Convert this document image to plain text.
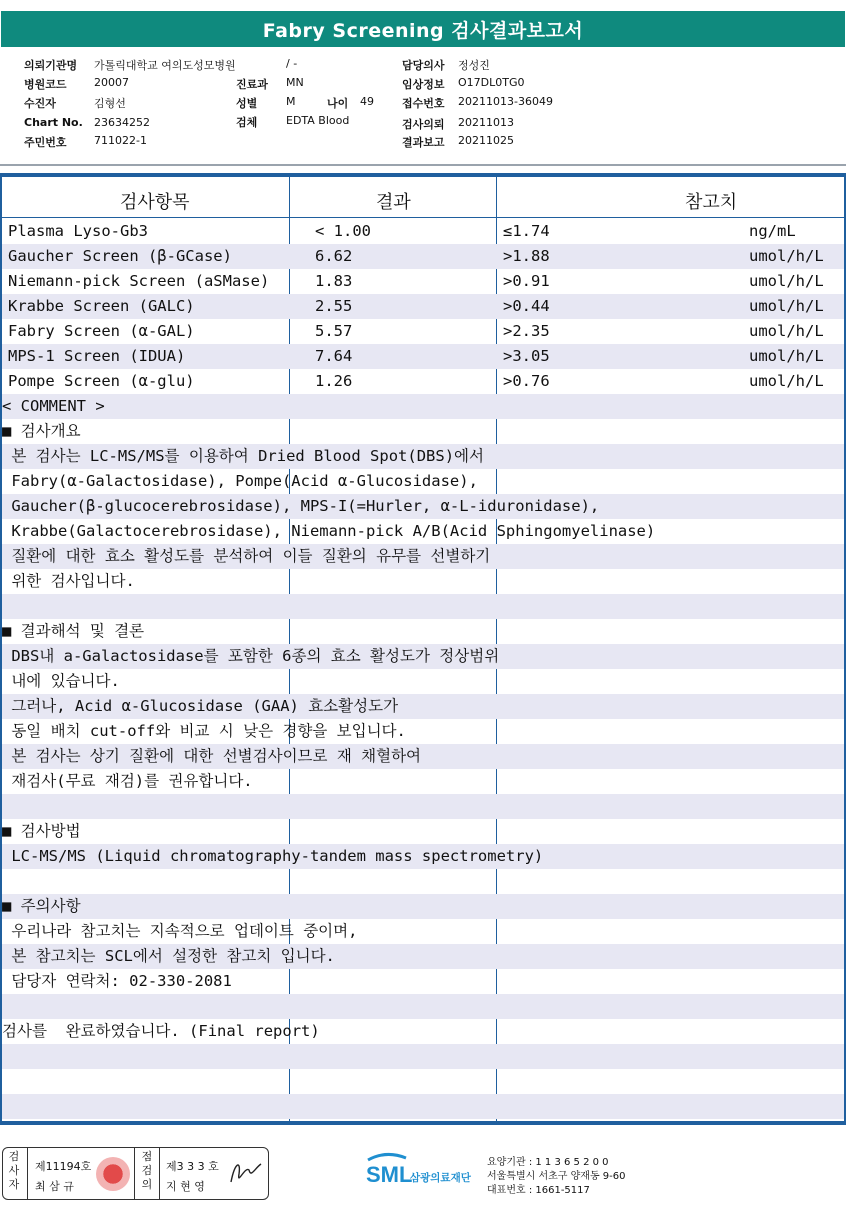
Fabry Screening 검사결과보고서
의뢰기관명 가톨릭대학교 여의도성모병원	/ -	담당의사 정성진
병원코드 20007	진료과 MN	임상정보 O17DL0TG0
수진자	김형선	성별	M	나이 49	접수번호 20211013-36049
Chart No. 23634252	검체	EDTA Blood	검사의뢰 20211013
주민번호 711022-1	결과보고 20211025
검사항목	결과	참고치
Plasma Lyso-Gb3	< 1.00	≤1.74	ng/mL
Gaucher Screen (β-GCase)	6.62	>1.88	umol/h/L
Niemann-pick Screen (aSMase)	1.83	>0.91	umol/h/L
Krabbe Screen (GALC)	2.55	>0.44	umol/h/L
Fabry Screen (α-GAL)	5.57	>2.35	umol/h/L
MPS-1 Screen (IDUA)	7.64	>3.05	umol/h/L
Pompe Screen (α-glu)	1.26	>0.76	umol/h/L
< COMMENT >
■ 검사개요
본 검사는 LC-MS/MS를 이용하여 Dried Blood Spot(DBS)에서
Fabry(α-Galactosidase), Pompe(Acid α-Glucosidase),
Gaucher(β-glucocerebrosidase), MPS-I(=Hurler, α-L-iduronidase),
Krabbe(Galactocerebrosidase), Niemann-pick A/B(Acid Sphingomyelinase)
질환에 대한 효소 활성도를 분석하여 이들 질환의 유무를 선별하기
위한 검사입니다.
■ 결과해석 및 결론
DBS내 a-Galactosidase를 포함한 6종의 효소 활성도가 정상범위
내에 있습니다.
그러나, Acid α-Glucosidase (GAA) 효소활성도가
동일 배치 cut-off와 비교 시 낮은 경향을 보입니다.
본 검사는 상기 질환에 대한 선별검사이므로 재 채혈하여
재검사(무료 재검)를 권유합니다.
■ 검사방법
LC-MS/MS (Liquid chromatography-tandem mass spectrometry)
■ 주의사항
우리나라 참고치는 지속적으로 업데이트 중이며,
본 참고치는 SCL에서 설정한 참고치 입니다.
담당자 연락처: 02-330-2081
검사를  완료하였습니다. (Final report)
검사자
제11194호
최 삼 규
점검의
제3 3 3 호
지 현 영	SML
삼광의료재단
요양기관 : 1 1 3 6 5 2 0 0
서울특별시 서초구 양재동 9-60
대표번호 : 1661-5117
